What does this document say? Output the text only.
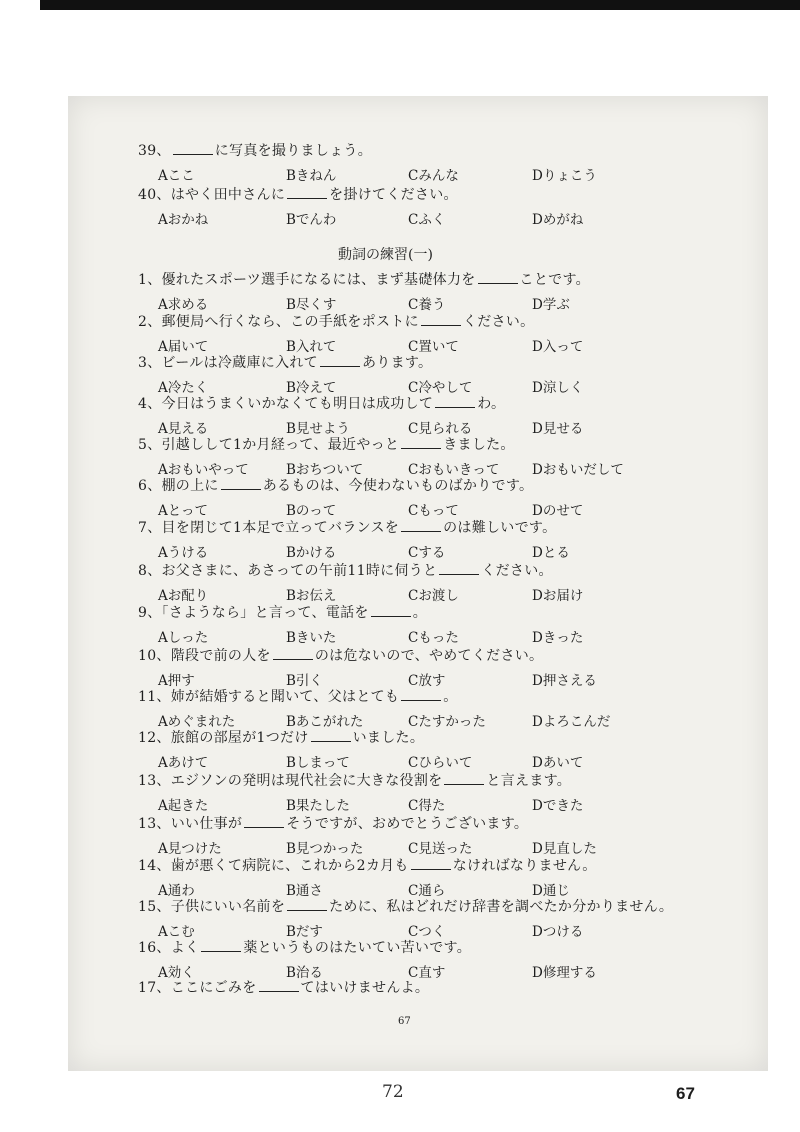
動詞の練習(一)
39、	に写真を撮りましょう。
Aここ	Bきねん	Cみんな	Dりょこう
40、はやく田中さんに	を掛けてください。
Aおかね	Bでんわ	Cふく	Dめがね
1、優れたスポーツ選手になるには、まず基礎体力を	ことです。
A求める	B尽くす	C養う	D学ぶ
2、郵便局へ行くなら、この手紙をポストに	ください。
A届いて	B入れて	C置いて	D入って
3、ビールは冷蔵庫に入れて	あります。
A冷たく	B冷えて	C冷やして	D涼しく
4、今日はうまくいかなくても明日は成功して	わ。
A見える	B見せよう	C見られる	D見せる
5、引越しして1か月経って、最近やっと	きました。
Aおもいやって	Bおちついて	Cおもいきって Dおもいだして
6、棚の上に	あるものは、今使わないものばかりです。
Aとって	Bのって	Cもって	Dのせて
7、目を閉じて1本足で立ってバランスを	のは難しいです。
Aうける	Bかける	Cする	Dとる
8、お父さまに、あさっての午前11時に伺うと	ください。
Aお配り	Bお伝え	Cお渡し	Dお届け
9、「さようなら」と言って、電話を	。
Aしった	Bきいた	Cもった	Dきった
10、階段で前の人を	のは危ないので、やめてください。
A押す	B引く	C放す	D押さえる
11、姉が結婚すると聞いて、父はとても	。
Aめぐまれた	Bあこがれた	Cたすかった	Dよろこんだ
12、旅館の部屋が1つだけ	いました。
Aあけて	Bしまって	Cひらいて	Dあいて
13、エジソンの発明は現代社会に大きな役割を	と言えます。
A起きた	B果たした	C得た	Dできた
13、いい仕事が	そうですが、おめでとうございます。
A見つけた	B見つかった	C見送った	D見直した
14、歯が悪くて病院に、これから2カ月も	なければなりません。
A通わ	B通さ	C通ら	D通じ
15、子供にいい名前を	ために、私はどれだけ辞書を調べたか分かりません。
Aこむ	Bだす	Cつく	Dつける
16、よく	薬というものはたいてい苦いです。
A効く	B治る	C直す	D修理する
17、ここにごみを	てはいけませんよ。
67
72	67
